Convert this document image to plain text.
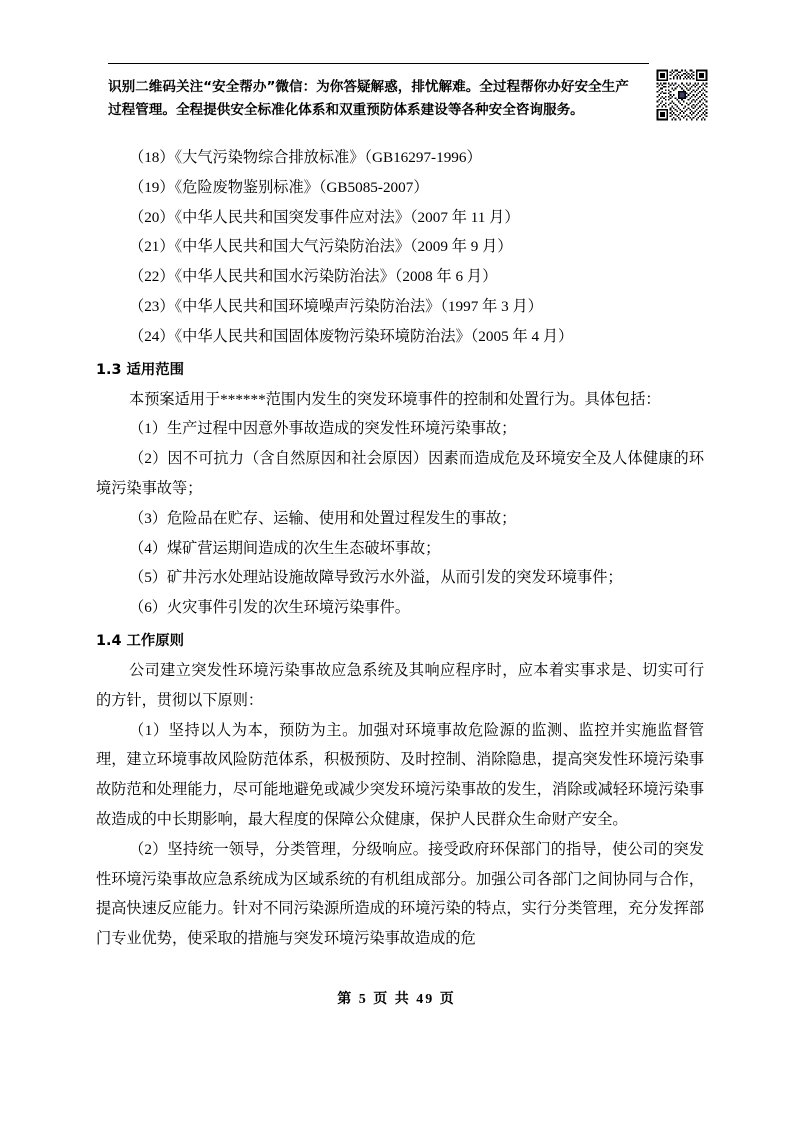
识别二维码关注“安全帮办”微信：为你答疑解惑，排忧解难。全过程帮你办好安全生产
过程管理。全程提供安全标准化体系和双重预防体系建设等各种安全咨询服务。
（18）《大气污染物综合排放标准》（GB16297-1996）
（19）《危险废物鉴别标准》（GB5085-2007）
（20）《中华人民共和国突发事件应对法》（2007 年 11 月）
（21）《中华人民共和国大气污染防治法》（2009 年 9 月）
（22）《中华人民共和国水污染防治法》（2008 年 6 月）
（23）《中华人民共和国环境噪声污染防治法》（1997 年 3 月）
（24）《中华人民共和国固体废物污染环境防治法》（2005 年 4 月）
1.3 适用范围
本预案适用于******范围内发生的突发环境事件的控制和处置行为。具体包括：
（1）生产过程中因意外事故造成的突发性环境污染事故；
（2）因不可抗力（含自然原因和社会原因）因素而造成危及环境安全及人体健康的环境污染事故等；
（3）危险品在贮存、运输、使用和处置过程发生的事故；
（4）煤矿营运期间造成的次生生态破坏事故；
（5）矿井污水处理站设施故障导致污水外溢，从而引发的突发环境事件；
（6）火灾事件引发的次生环境污染事件。
1.4 工作原则
公司建立突发性环境污染事故应急系统及其响应程序时，应本着实事求是、切实可行的方针，贯彻以下原则：
（1）坚持以人为本，预防为主。加强对环境事故危险源的监测、监控并实施监督管理，建立环境事故风险防范体系，积极预防、及时控制、消除隐患，提高突发性环境污染事故防范和处理能力，尽可能地避免或减少突发环境污染事故的发生，消除或减轻环境污染事故造成的中长期影响，最大程度的保障公众健康，保护人民群众生命财产安全。
（2）坚持统一领导，分类管理，分级响应。接受政府环保部门的指导，使公司的突发性环境污染事故应急系统成为区域系统的有机组成部分。加强公司各部门之间协同与合作，提高快速反应能力。针对不同污染源所造成的环境污染的特点，实行分类管理，充分发挥部门专业优势，使采取的措施与突发环境污染事故造成的危
第 5 页 共 49 页
